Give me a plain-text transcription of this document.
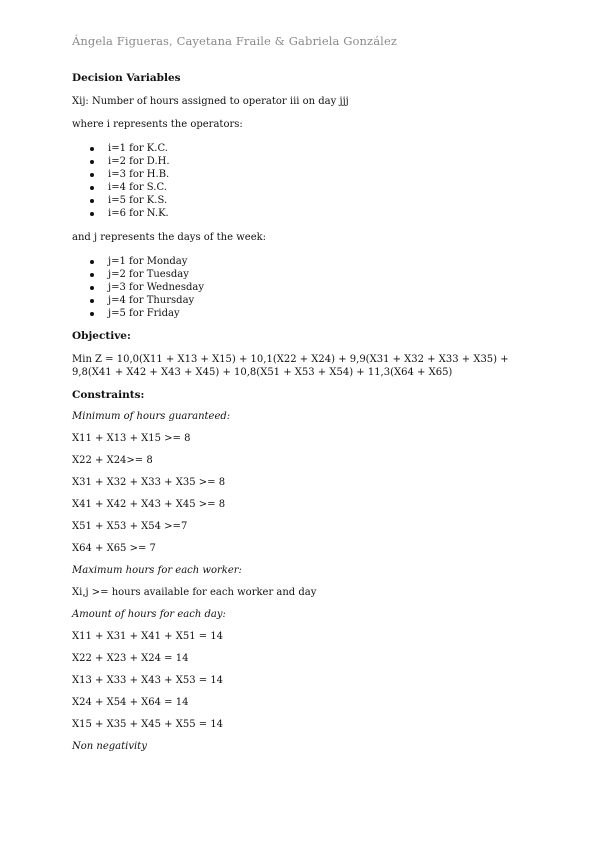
Ángela Figueras, Cayetana Fraile & Gabriela González

Decision Variables

Xij: Number of hours assigned to operator iii on day jjj

where i represents the operators:

i=1 for K.C.
i=2 for D.H.
i=3 for H.B.
i=4 for S.C.
i=5 for K.S.
i=6 for N.K.

and j represents the days of the week:

j=1 for Monday
j=2 for Tuesday
j=3 for Wednesday
j=4 for Thursday
j=5 for Friday

Objective:

Min Z = 10,0(X11 + X13 + X15) + 10,1(X22 + X24) + 9,9(X31 + X32 + X33 + X35) +

9,8(X41 + X42 + X43 + X45) + 10,8(X51 + X53 + X54) + 11,3(X64 + X65)

Constraints:

Minimum of hours guaranteed:

X11 + X13 + X15 >= 8

X22 + X24>= 8

X31 + X32 + X33 + X35 >= 8

X41 + X42 + X43 + X45 >= 8

X51 + X53 + X54 >=7

X64 + X65 >= 7

Maximum hours for each worker:

Xi,j >= hours available for each worker and day

Amount of hours for each day:

X11 + X31 + X41 + X51 = 14

X22 + X23 + X24 = 14

X13 + X33 + X43 + X53 = 14

X24 + X54 + X64 = 14

X15 + X35 + X45 + X55 = 14

Non negativity
